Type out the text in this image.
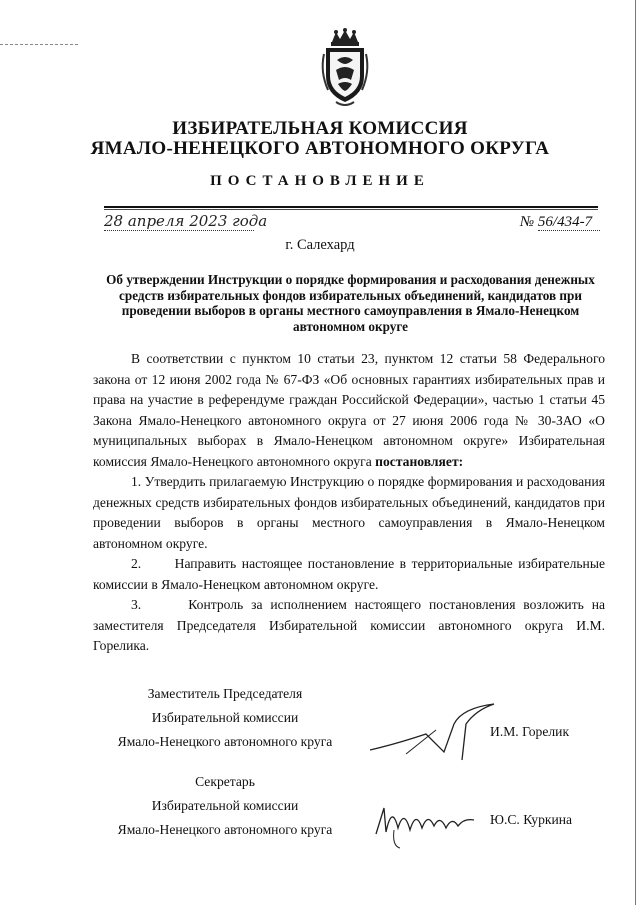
ИЗБИРАТЕЛЬНАЯ КОМИССИЯ
ЯМАЛО-НЕНЕЦКОГО АВТОНОМНОГО ОКРУГА
ПОСТАНОВЛЕНИЕ
28 апреля 2023 года	№ 56/434-7
г. Салехард
Об утверждении Инструкции о порядке формирования и расходования денежных средств избирательных фондов избирательных объединений, кандидатов при проведении выборов в органы местного самоуправления в Ямало-Ненецком автономном округе

В соответствии с пунктом 10 статьи 23, пунктом 12 статьи 58 Федерального закона от 12 июня 2002 года № 67-ФЗ «Об основных гарантиях избирательных прав и права на участие в референдуме граждан Российской Федерации», частью 1 статьи 45 Закона Ямало-Ненецкого автономного округа от 27 июня 2006 года № 30-ЗАО «О муниципальных выборах в Ямало-Ненецком автономном округе» Избирательная комиссия Ямало-Ненецкого автономного округа постановляет:

1. Утвердить прилагаемую Инструкцию о порядке формирования и расходования денежных средств избирательных фондов избирательных объединений, кандидатов при проведении выборов в органы местного самоуправления в Ямало-Ненецком автономном округе.

2. Направить настоящее постановление в территориальные избирательные комиссии в Ямало-Ненецком автономном округе.

3.	Контроль за исполнением настоящего постановления возложить на заместителя Председателя Избирательной комиссии автономного округа И.М. Горелика.

Заместитель Председателя
Избирательной комиссии
Ямало-Ненецкого автономного круга
И.М. Горелик
Секретарь
Избирательной комиссии
Ямало-Ненецкого автономного круга
Ю.С. Куркина
